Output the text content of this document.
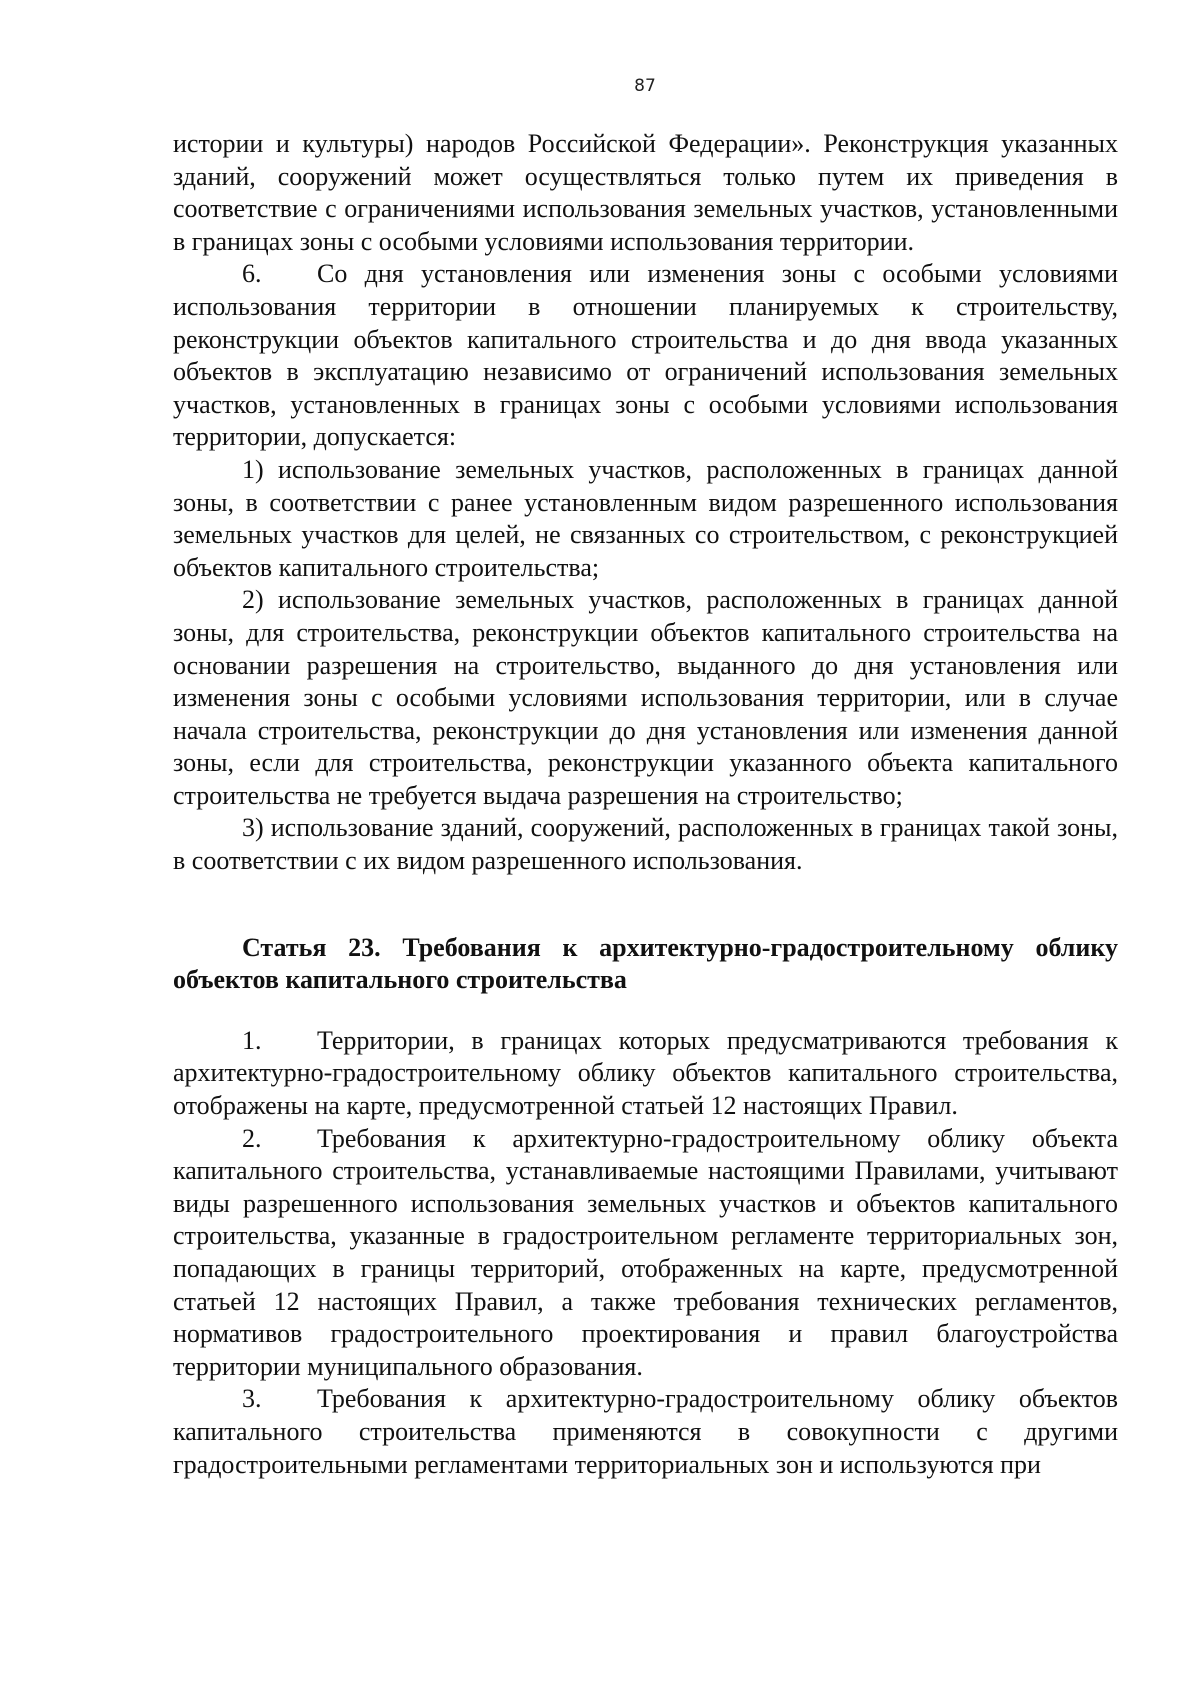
87

истории и культуры) народов Российской Федерации». Реконструкция указанных зданий, сооружений может осуществляться только путем их приведения в соответствие с ограничениями использования земельных участков, установленными в границах зоны с особыми условиями использования территории.

6. Со дня установления или изменения зоны с особыми условиями использования территории в отношении планируемых к строительству, реконструкции объектов капитального строительства и до дня ввода указанных объектов в эксплуатацию независимо от ограничений использования земельных участков, установленных в границах зоны с особыми условиями использования территории, допускается:

1) использование земельных участков, расположенных в границах данной зоны, в соответствии с ранее установленным видом разрешенного использования земельных участков для целей, не связанных со строительством, с реконструкцией объектов капитального строительства;

2) использование земельных участков, расположенных в границах данной зоны, для строительства, реконструкции объектов капитального строительства на основании разрешения на строительство, выданного до дня установления или изменения зоны с особыми условиями использования территории, или в случае начала строительства, реконструкции до дня установления или изменения данной зоны, если для строительства, реконструкции указанного объекта капитального строительства не требуется выдача разрешения на строительство;

3) использование зданий, сооружений, расположенных в границах такой зоны, в соответствии с их видом разрешенного использования.

Статья 23. Требования к архитектурно-градостроительному облику объектов капитального строительства

1. Территории, в границах которых предусматриваются требования к архитектурно-градостроительному облику объектов капитального строительства, отображены на карте, предусмотренной статьей 12 настоящих Правил.

2. Требования к архитектурно-градостроительному облику объекта капитального строительства, устанавливаемые настоящими Правилами, учитывают виды разрешенного использования земельных участков и объектов капитального строительства, указанные в градостроительном регламенте территориальных зон, попадающих в границы территорий, отображенных на карте, предусмотренной статьей 12 настоящих Правил, а также требования технических регламентов, нормативов градостроительного проектирования и правил благоустройства территории муниципального образования.

3. Требования к архитектурно-градостроительному облику объектов капитального строительства применяются в совокупности с другими градостроительными регламентами территориальных зон и используются при
